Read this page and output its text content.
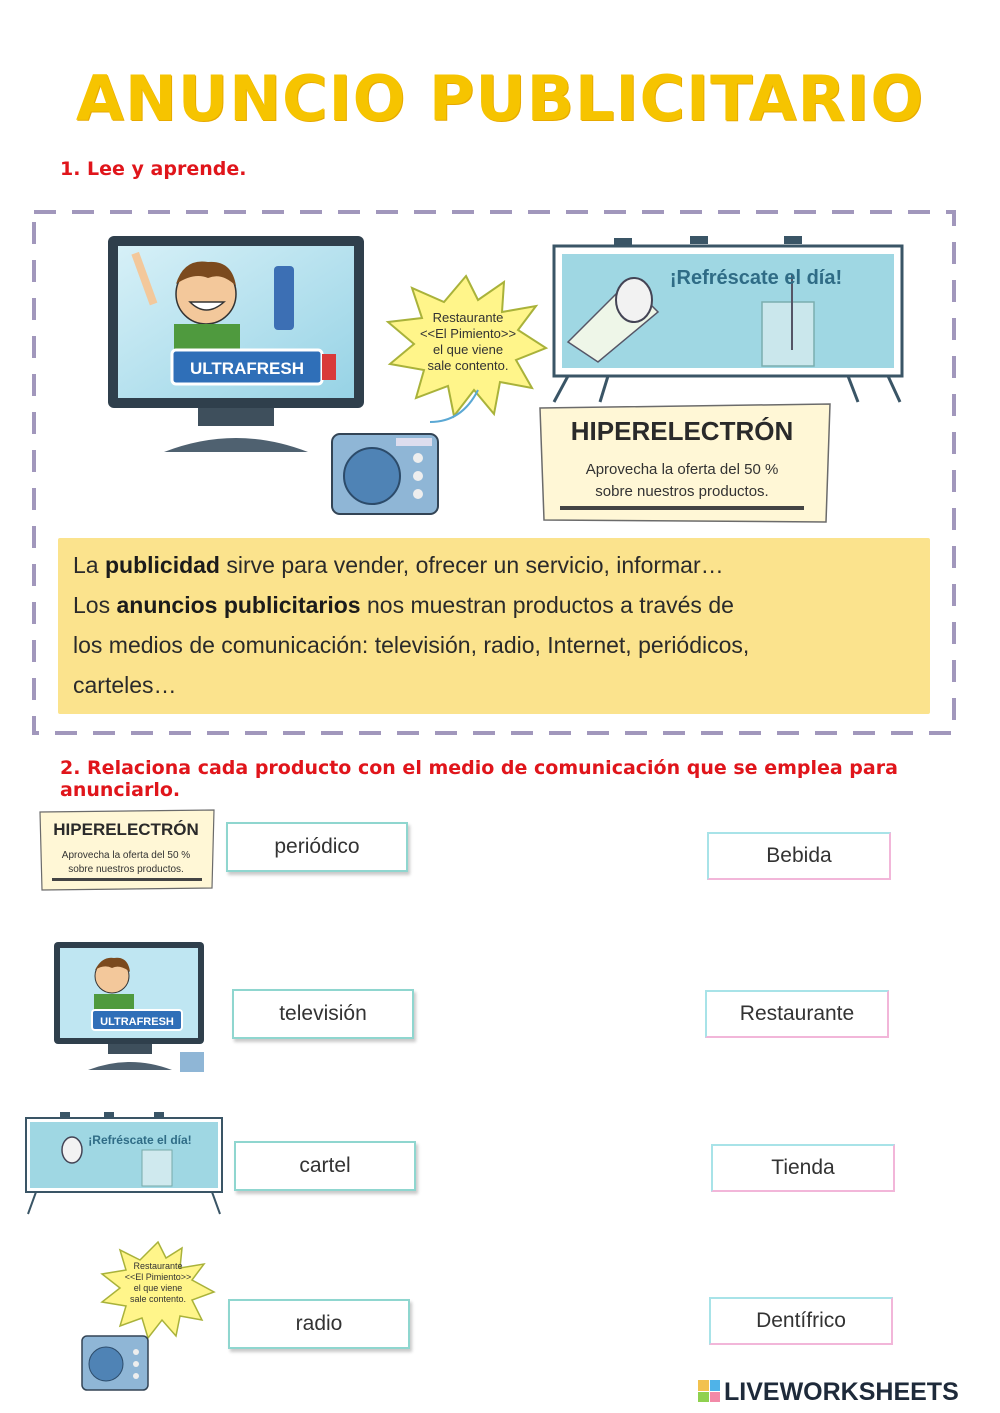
ANUNCIO PUBLICITARIO
1. Lee y aprende.
ULTRAFRESH
Restaurante
<<El Pimiento>>
el que viene
sale contento.
¡Refréscate el día!
HIPERELECTRÓN
Aprovecha la oferta del 50 %
sobre nuestros productos.
La publicidad sirve para vender, ofrecer un servicio, informar…
Los anuncios publicitarios nos muestran productos a través de
los medios de comunicación: televisión, radio, Internet, periódicos,
carteles…
2. Relaciona cada producto con el medio de comunicación que se emplea para anunciarlo.
HIPERELECTRÓN
Aprovecha la oferta del 50 %
sobre nuestros productos.
ULTRAFRESH
¡Refréscate el día!
Restaurante
<<El Pimiento>>
el que viene
sale contento.
periódico
televisión
cartel
radio
Bebida
Restaurante
Tienda
Dentífrico
LIVEWORKSHEETS
